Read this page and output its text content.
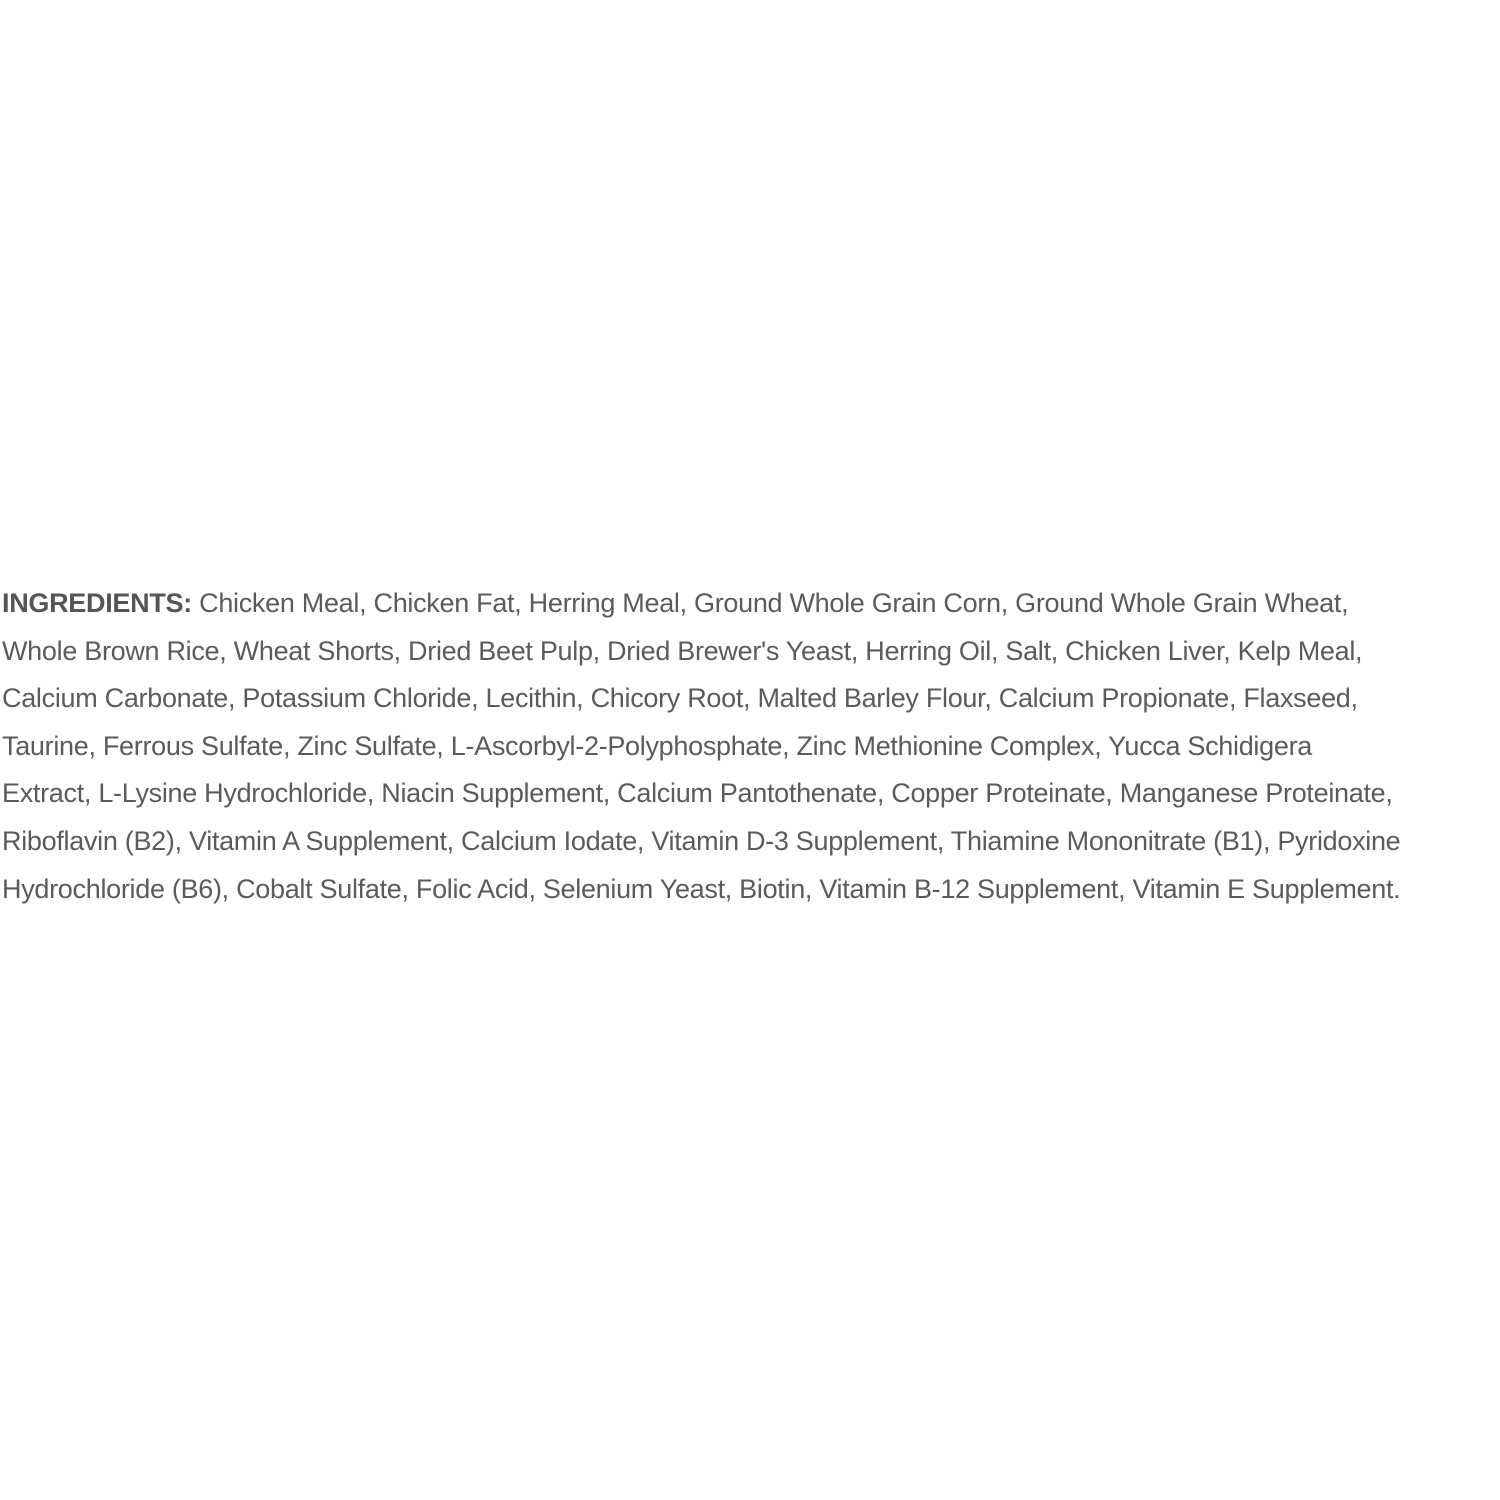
INGREDIENTS: Chicken Meal, Chicken Fat, Herring Meal, Ground Whole Grain Corn, Ground Whole Grain Wheat,
Whole Brown Rice, Wheat Shorts, Dried Beet Pulp, Dried Brewer's Yeast, Herring Oil, Salt, Chicken Liver, Kelp Meal,
Calcium Carbonate, Potassium Chloride, Lecithin, Chicory Root, Malted Barley Flour, Calcium Propionate, Flaxseed,
Taurine, Ferrous Sulfate, Zinc Sulfate, L-Ascorbyl-2-Polyphosphate, Zinc Methionine Complex, Yucca Schidigera
Extract, L-Lysine Hydrochloride, Niacin Supplement, Calcium Pantothenate, Copper Proteinate, Manganese Proteinate,
Riboflavin (B2), Vitamin A Supplement, Calcium Iodate, Vitamin D-3 Supplement, Thiamine Mononitrate (B1), Pyridoxine
Hydrochloride (B6), Cobalt Sulfate, Folic Acid, Selenium Yeast, Biotin, Vitamin B-12 Supplement, Vitamin E Supplement.
